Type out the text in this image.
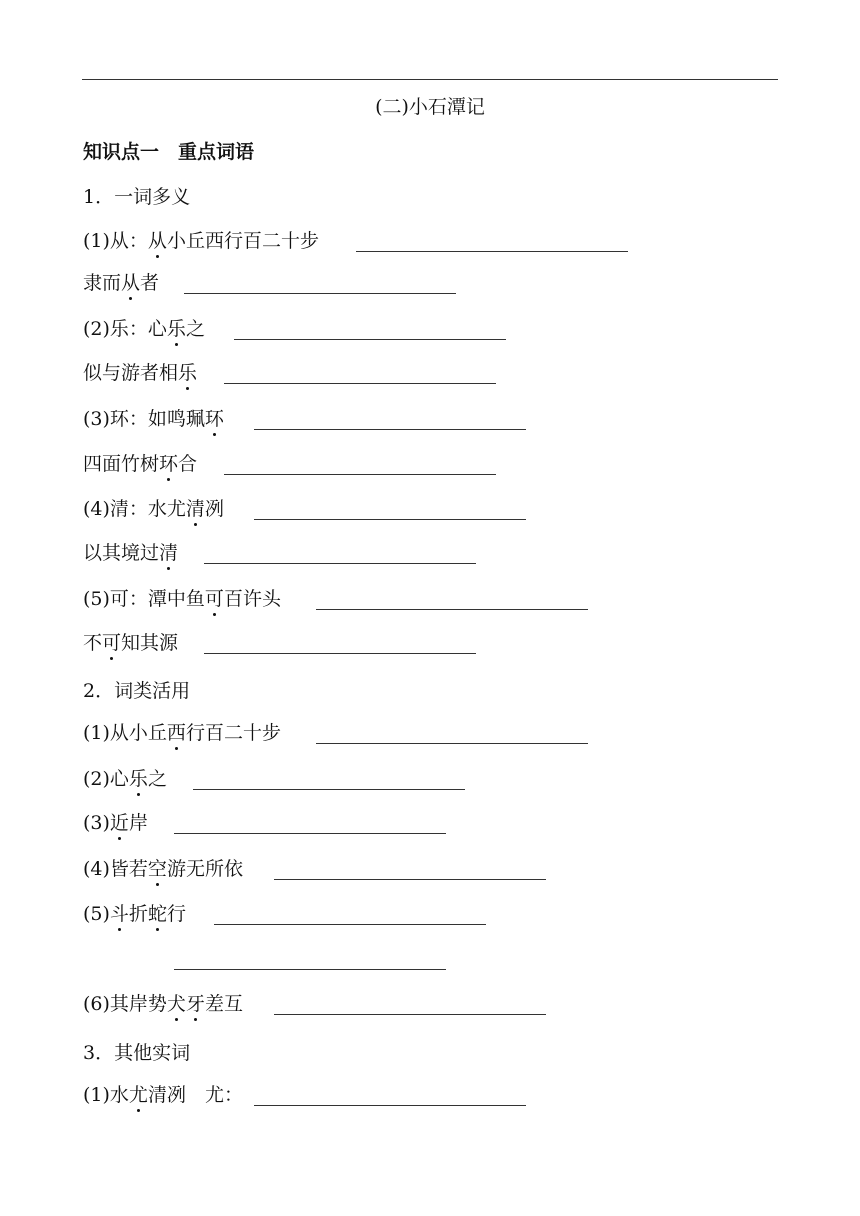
(二)小石潭记
知识点一　重点词语
1．一词多义
(1)从：从小丘西行百二十步
隶而从者
(2)乐：心乐之
似与游者相乐
(3)环：如鸣珮环
四面竹树环合
(4)清：水尤清冽
以其境过清
(5)可：潭中鱼可百许头
不可知其源
2．词类活用
(1)从小丘西行百二十步
(2)心乐之
(3)近岸
(4)皆若空游无所依
(5)斗折蛇行
(6)其岸势犬牙差互
3．其他实词
(1)水尤清冽　尤：
